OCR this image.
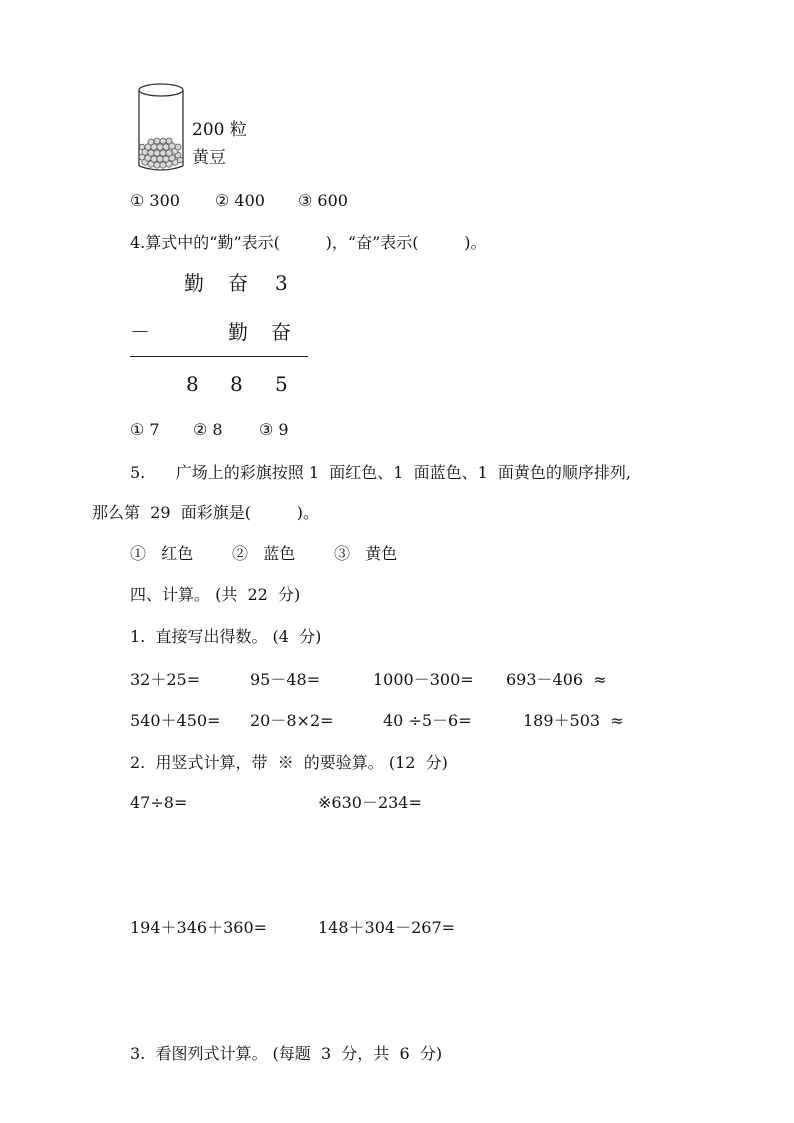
200 粒
黄豆
① 300 ② 400 ③ 600
4.算式中的“勤”表示(         )，“奋”表示(         )。
勤 奋 3
－	勤 奋
8 8 5
① 7 ② 8 ③ 9
5.      广场上的彩旗按照 1  面红色、1  面蓝色、1  面黄色的顺序排列,
那么第  29  面彩旗是(         )。
①   红色 ②   蓝色 ③   黄色
四、计算。 (共  22  分)
1.  直接写出得数。 (4  分)
32＋25=	95－48=	1000－300= 693－406  ≈
540＋450= 20－8×2=	40 ÷5－6=	189＋503  ≈
2.  用竖式计算，带  ※  的要验算。 (12  分)
47÷8=	※630－234=
194＋346＋360=	148＋304－267=
3.  看图列式计算。 (每题  3  分，共  6  分)
